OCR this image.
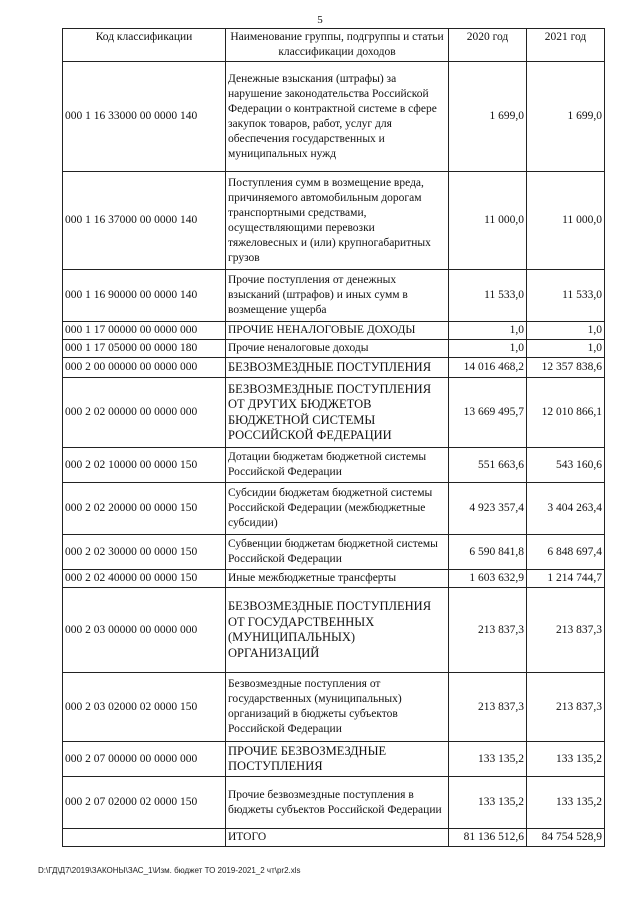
5
Код классификации	Наименование группы, подгруппы и статьи классификации доходов	2020 год	2021 год
000 1 16 33000 00 0000 140	Денежные взыскания (штрафы) за нарушение законодательства Российской Федерации о контрактной системе в сфере закупок товаров, работ, услуг для обеспечения государственных и муниципальных нужд	1 699,0	1 699,0
000 1 16 37000 00 0000 140	Поступления сумм в возмещение вреда, причиняемого автомобильным дорогам транспортными средствами, осуществляющими перевозки тяжеловесных и (или) крупногабаритных грузов	11 000,0	11 000,0
000 1 16 90000 00 0000 140	Прочие поступления от денежных взысканий (штрафов) и иных сумм в возмещение ущерба	11 533,0	11 533,0
000 1 17 00000 00 0000 000	ПРОЧИЕ НЕНАЛОГОВЫЕ ДОХОДЫ	1,0	1,0
000 1 17 05000 00 0000 180	Прочие неналоговые доходы	1,0	1,0
000 2 00 00000 00 0000 000	БЕЗВОЗМЕЗДНЫЕ ПОСТУПЛЕНИЯ	14 016 468,2	12 357 838,6
000 2 02 00000 00 0000 000	БЕЗВОЗМЕЗДНЫЕ ПОСТУПЛЕНИЯ ОТ ДРУГИХ БЮДЖЕТОВ БЮДЖЕТНОЙ СИСТЕМЫ РОССИЙСКОЙ ФЕДЕРАЦИИ	13 669 495,7	12 010 866,1
000 2 02 10000 00 0000 150	Дотации бюджетам бюджетной системы Российской Федерации	551 663,6	543 160,6
000 2 02 20000 00 0000 150	Субсидии бюджетам бюджетной системы Российской Федерации (межбюджетные субсидии)	4 923 357,4	3 404 263,4
000 2 02 30000 00 0000 150	Субвенции бюджетам бюджетной системы Российской Федерации	6 590 841,8	6 848 697,4
000 2 02 40000 00 0000 150	Иные межбюджетные трансферты	1 603 632,9	1 214 744,7
000 2 03 00000 00 0000 000	БЕЗВОЗМЕЗДНЫЕ ПОСТУПЛЕНИЯ ОТ ГОСУДАРСТВЕННЫХ (МУНИЦИПАЛЬНЫХ) ОРГАНИЗАЦИЙ	213 837,3	213 837,3
000 2 03 02000 02 0000 150	Безвозмездные поступления от государственных (муниципальных) организаций в бюджеты субъектов Российской Федерации	213 837,3	213 837,3
000 2 07 00000 00 0000 000	ПРОЧИЕ БЕЗВОЗМЕЗДНЫЕ ПОСТУПЛЕНИЯ	133 135,2	133 135,2
000 2 07 02000 02 0000 150	Прочие безвозмездные поступления в бюджеты субъектов Российской Федерации	133 135,2	133 135,2
	ИТОГО	81 136 512,6	84 754 528,9
D:\ГД\Д7\2019\ЗАКОНЫ\ЗАС_1\Изм. бюджет ТО 2019-2021_2 чт\pr2.xls
